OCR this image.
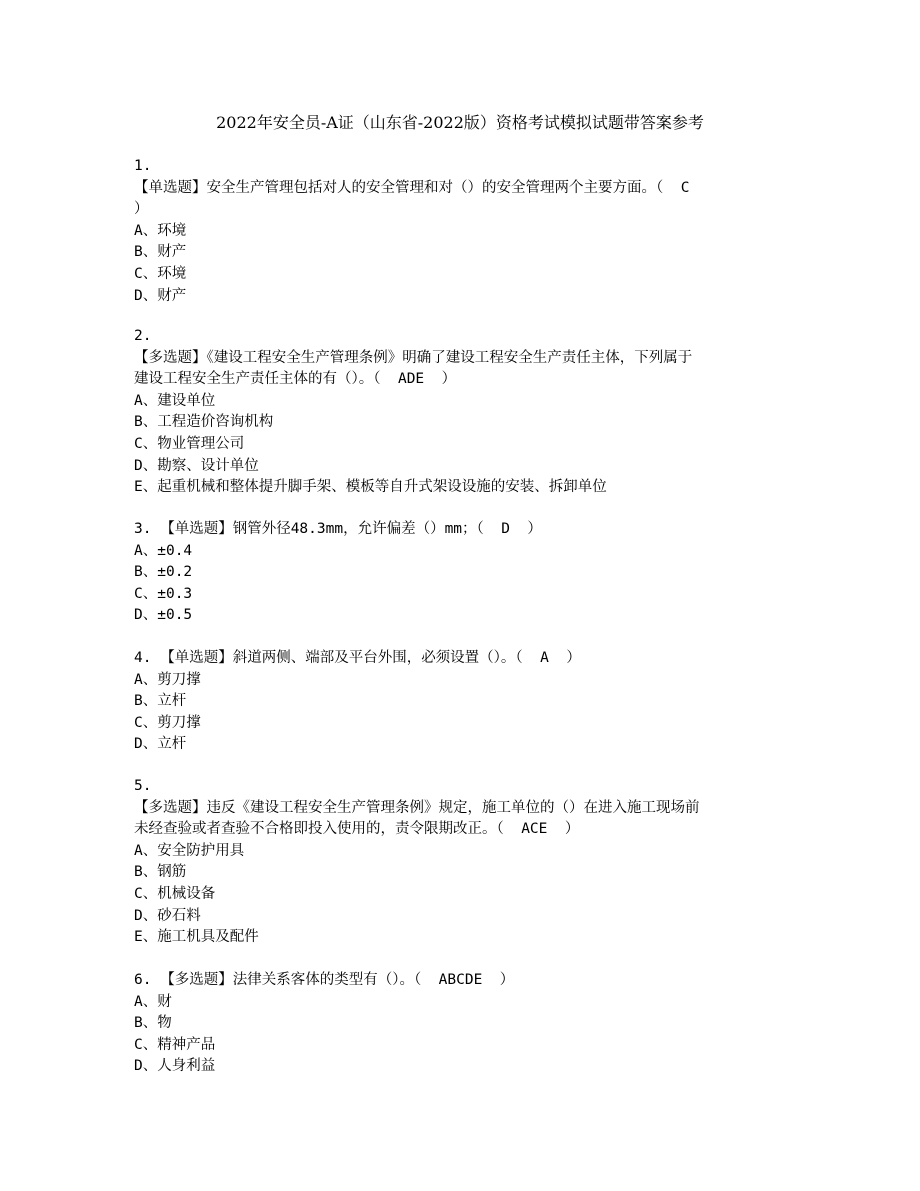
2022年安全员-A证（山东省-2022版）资格考试模拟试题带答案参考

1.

【单选题】安全生产管理包括对人的安全管理和对（）的安全管理两个主要方面。（  C

）

A、环境

B、财产

C、环境

D、财产

2.

【多选题】《建设工程安全生产管理条例》明确了建设工程安全生产责任主体，下列属于

建设工程安全生产责任主体的有（）。（  ADE  ）

A、建设单位

B、工程造价咨询机构

C、物业管理公司

D、勘察、设计单位

E、起重机械和整体提升脚手架、模板等自升式架设设施的安装、拆卸单位

3. 【单选题】钢管外径48.3mm，允许偏差（）mm；（  D  ）

A、±0.4

B、±0.2

C、±0.3

D、±0.5

4. 【单选题】斜道两侧、端部及平台外围，必须设置（）。（  A  ）

A、剪刀撑

B、立杆

C、剪刀撑

D、立杆

5.

【多选题】违反《建设工程安全生产管理条例》规定，施工单位的（）在进入施工现场前

未经查验或者查验不合格即投入使用的，责令限期改正。（  ACE  ）

A、安全防护用具

B、钢筋

C、机械设备

D、砂石料

E、施工机具及配件

6. 【多选题】法律关系客体的类型有（）。（  ABCDE  ）

A、财

B、物

C、精神产品

D、人身利益
